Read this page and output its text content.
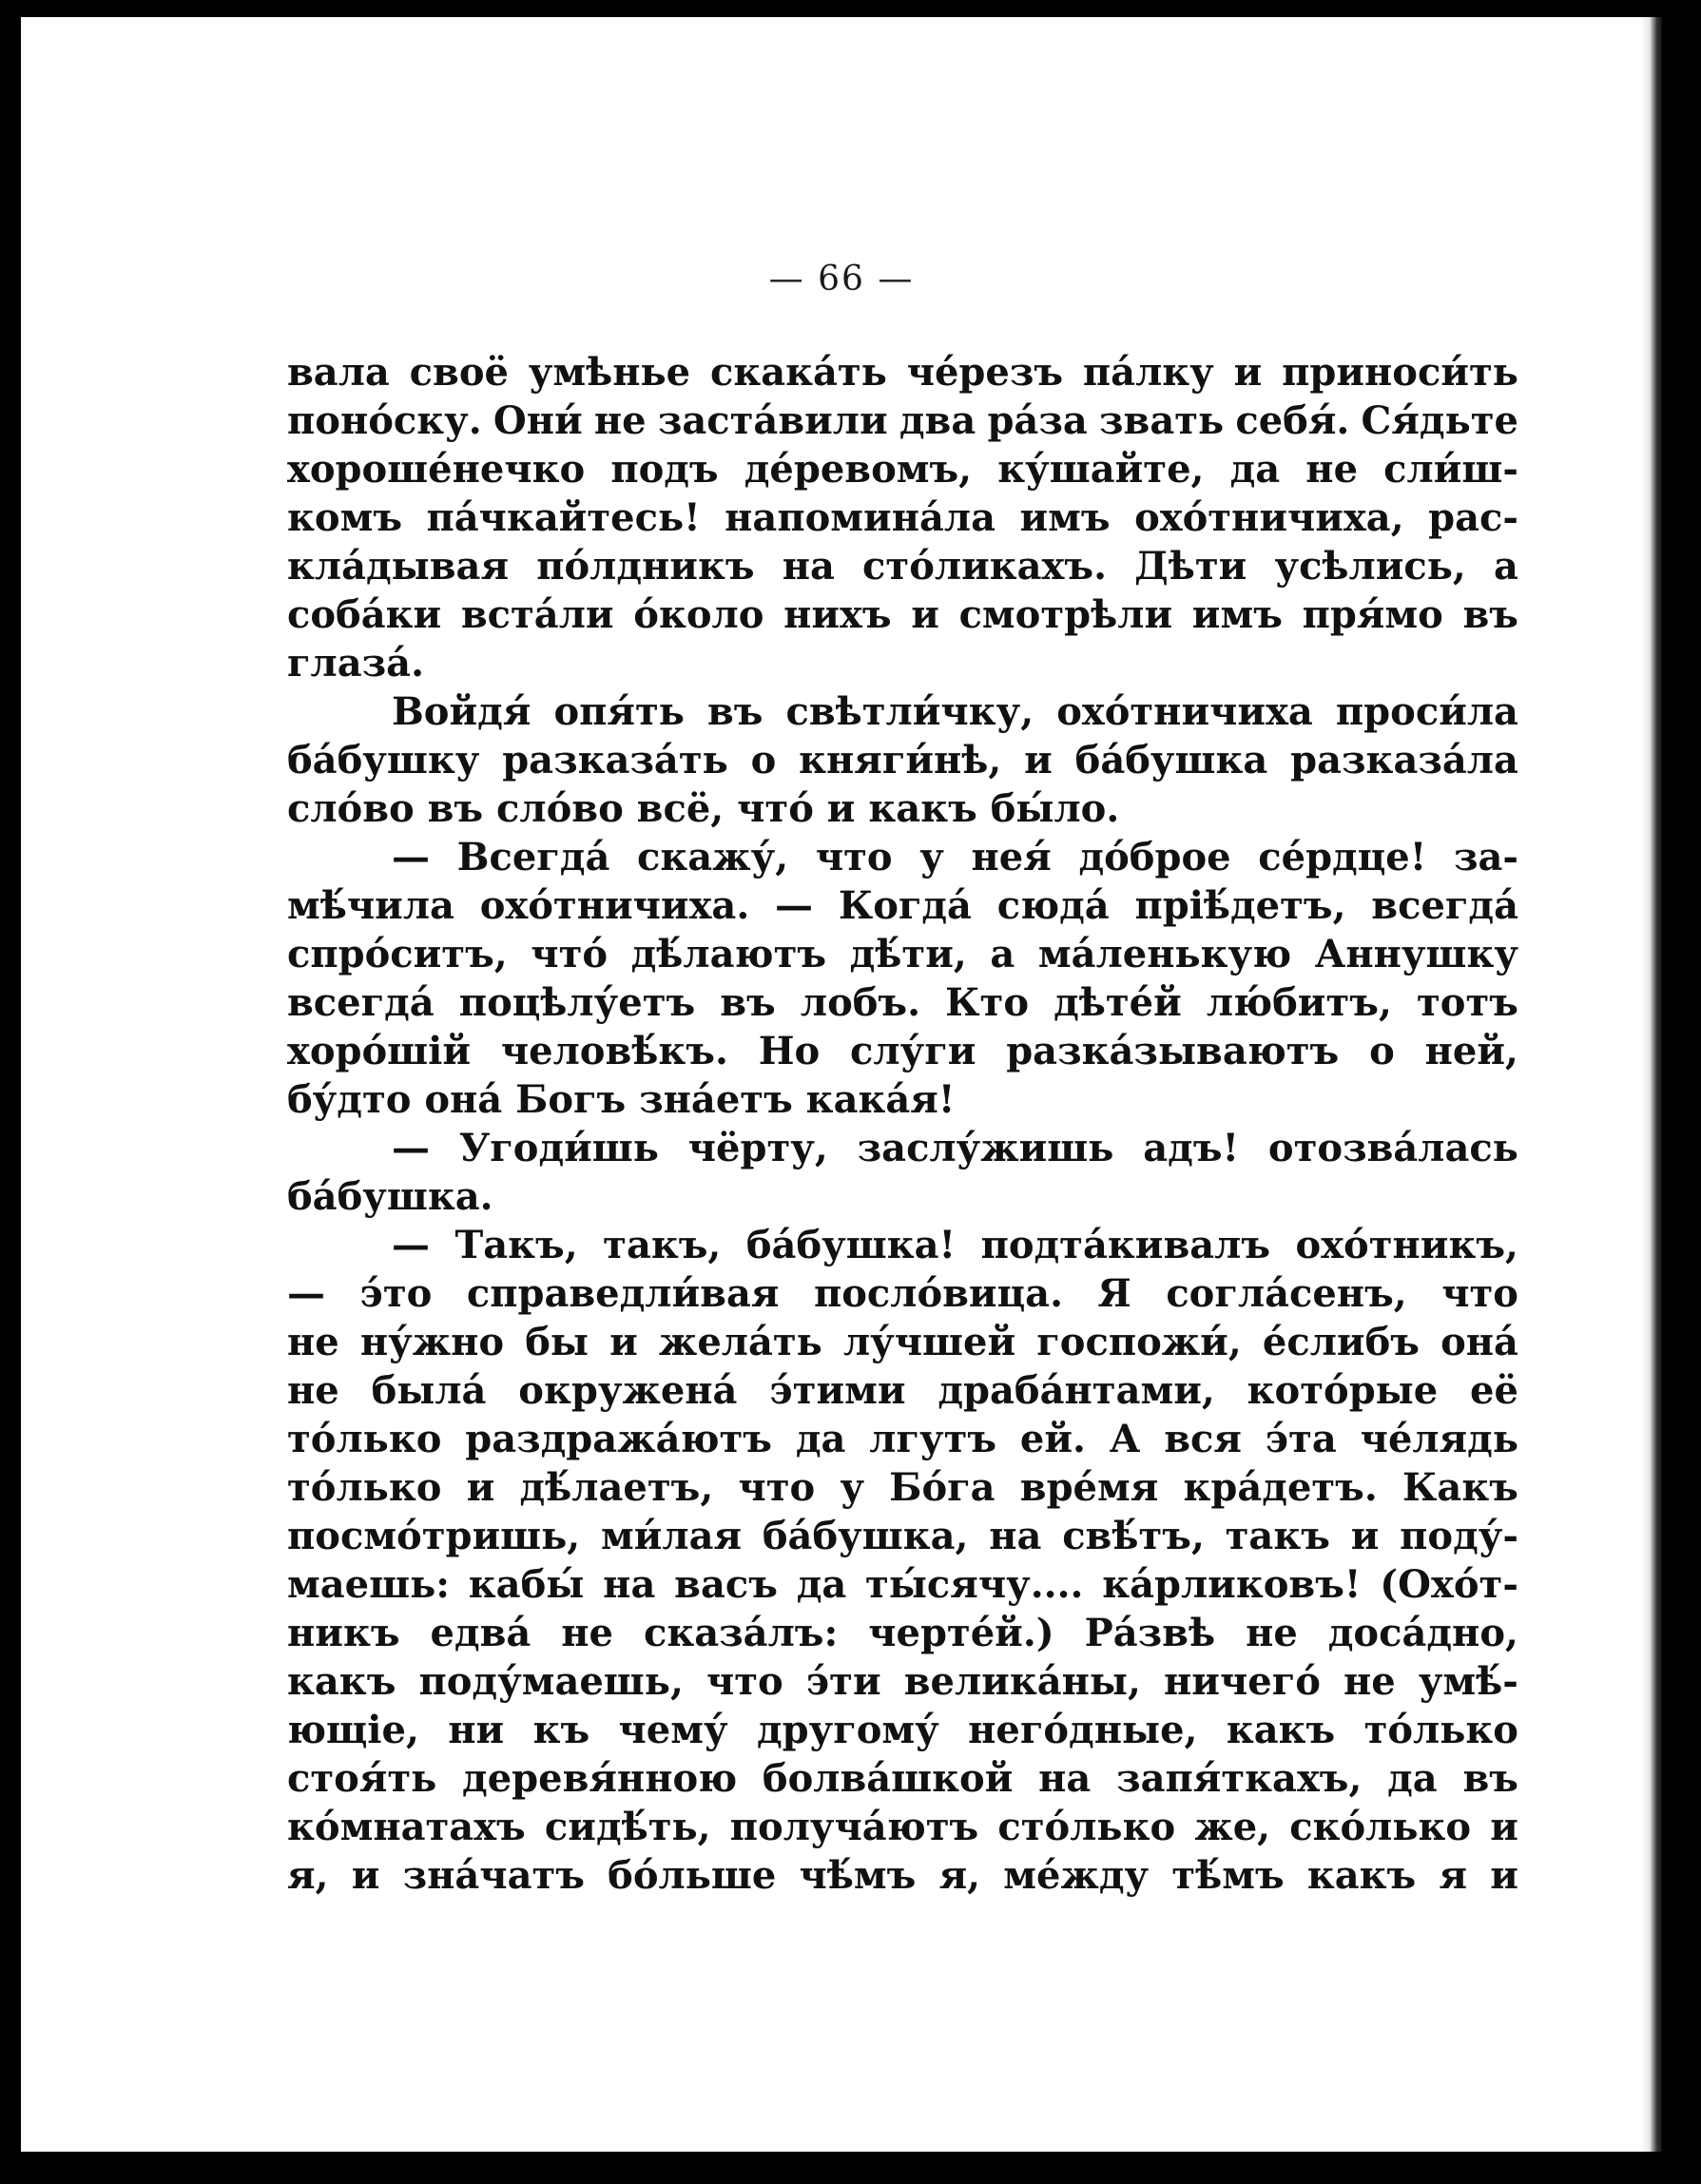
— 66 —
вала своё умѣнье скака́ть че́резъ па́лку и приноси́ть
поно́ску. Они́ не заста́вили два ра́за звать себя́. Ся́дьте
хороше́нечко подъ де́ревомъ, ку́шайте, да не сли́ш-
комъ па́чкайтесь! напомина́ла имъ охо́тничиха, рас-
кла́дывая по́лдникъ на сто́ликахъ. Дѣти усѣлись, а
соба́ки вста́ли о́коло нихъ и смотрѣли имъ пря́мо въ
глаза́.
Войдя́ опя́ть въ свѣтли́чку, охо́тничиха проси́ла
ба́бушку разказа́ть о княги́нѣ, и ба́бушка разказа́ла
сло́во въ сло́во всё, что́ и какъ бы́ло.
— Всегда́ скажу́, что у нея́ до́брое се́рдце! за-
мѣ́чила охо́тничиха. — Когда́ сюда́ пріѣ́детъ, всегда́
спро́ситъ, что́ дѣ́лаютъ дѣ́ти, а ма́ленькую Аннушку
всегда́ поцѣлу́етъ въ лобъ. Кто дѣте́й лю́битъ, тотъ
хоро́шій человѣ́къ. Но слу́ги разка́зываютъ о ней,
бу́дто она́ Богъ зна́етъ кака́я!
— Угоди́шь чёрту, заслу́жишь адъ! отозва́лась
ба́бушка.
— Такъ, такъ, ба́бушка! подта́кивалъ охо́тникъ,
— э́то справедли́вая посло́вица. Я согла́сенъ, что
не ну́жно бы и жела́ть лу́чшей госпожи́, е́слибъ она́
не была́ окружена́ э́тими драба́нтами, кото́рые её
то́лько раздража́ютъ да лгутъ ей. А вся э́та че́лядь
то́лько и дѣ́лаетъ, что у Бо́га вре́мя кра́детъ. Какъ
посмо́тришь, ми́лая ба́бушка, на свѣ́тъ, такъ и поду́-
маешь: кабы́ на васъ да ты́сячу.... ка́рликовъ! (Охо́т-
никъ едва́ не сказа́лъ: черте́й.) Ра́звѣ не доса́дно,
какъ поду́маешь, что э́ти велика́ны, ничего́ не умѣ́-
ющіе, ни къ чему́ другому́ него́дные, какъ то́лько
стоя́ть деревя́нною болва́шкой на запя́ткахъ, да въ
ко́мнатахъ сидѣ́ть, получа́ютъ сто́лько же, ско́лько и
я, и зна́чатъ бо́льше чѣ́мъ я, ме́жду тѣ́мъ какъ я и
